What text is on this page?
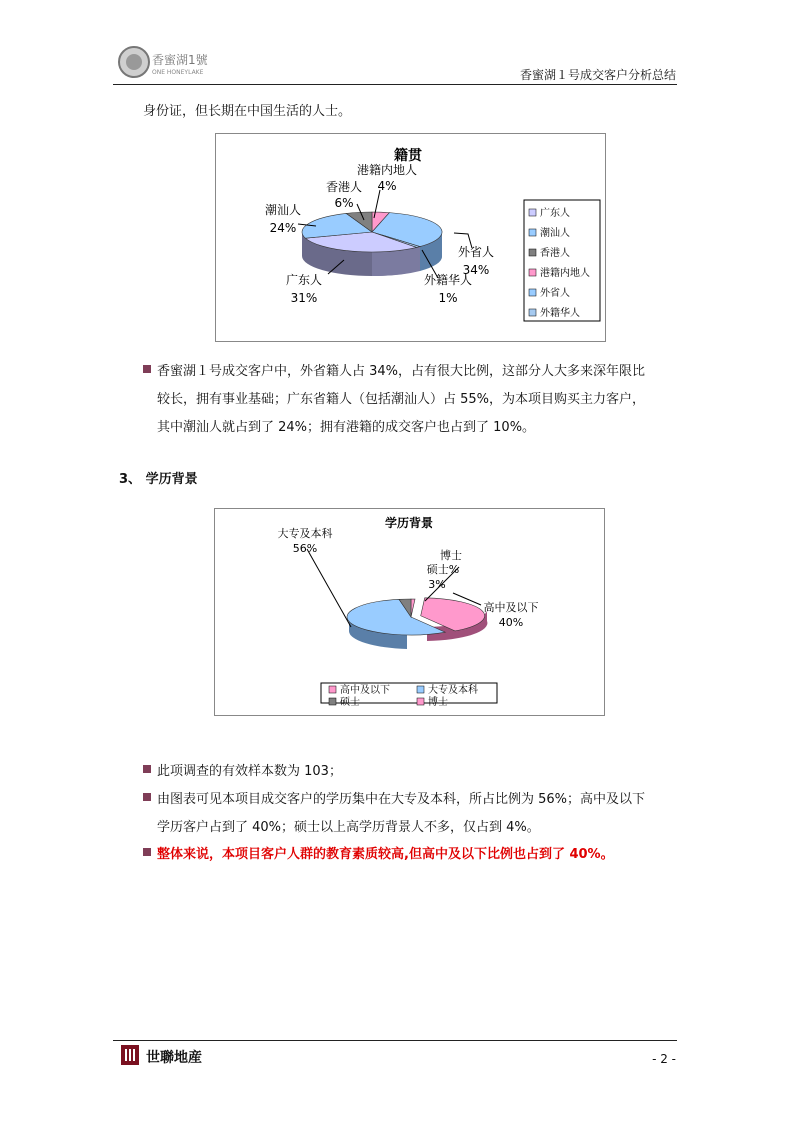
香蜜湖1號
ONE HONEYLAKE	香蜜湖１号成交客户分析总结
身份证，但长期在中国生活的人士。
籍贯
港籍内地人
4%
香港人
6%
潮汕人
24%
广东人
31%
外省人
34%
外籍华人
1%
广东人
潮汕人
香港人
港籍内地人
外省人
外籍华人
香蜜湖１号成交客户中，外省籍人占 34%，占有很大比例，这部分人大多来深年限比
较长，拥有事业基础；广东省籍人（包括潮汕人）占 55%，为本项目购买主力客户，
其中潮汕人就占到了 24%；拥有港籍的成交客户也占到了 10%。
3、 学历背景
学历背景
大专及本科
56%
博士
硕士%
3%
高中及以下
40%
高中及以下	大专及本科
硕士	博士
此项调查的有效样本数为 103；
由图表可见本项目成交客户的学历集中在大专及本科，所占比例为 56%；高中及以下
学历客户占到了 40%；硕士以上高学历背景人不多，仅占到 4%。
整体来说，本项目客户人群的教育素质较高,但高中及以下比例也占到了 40%。
世聯地産	- 2 -
